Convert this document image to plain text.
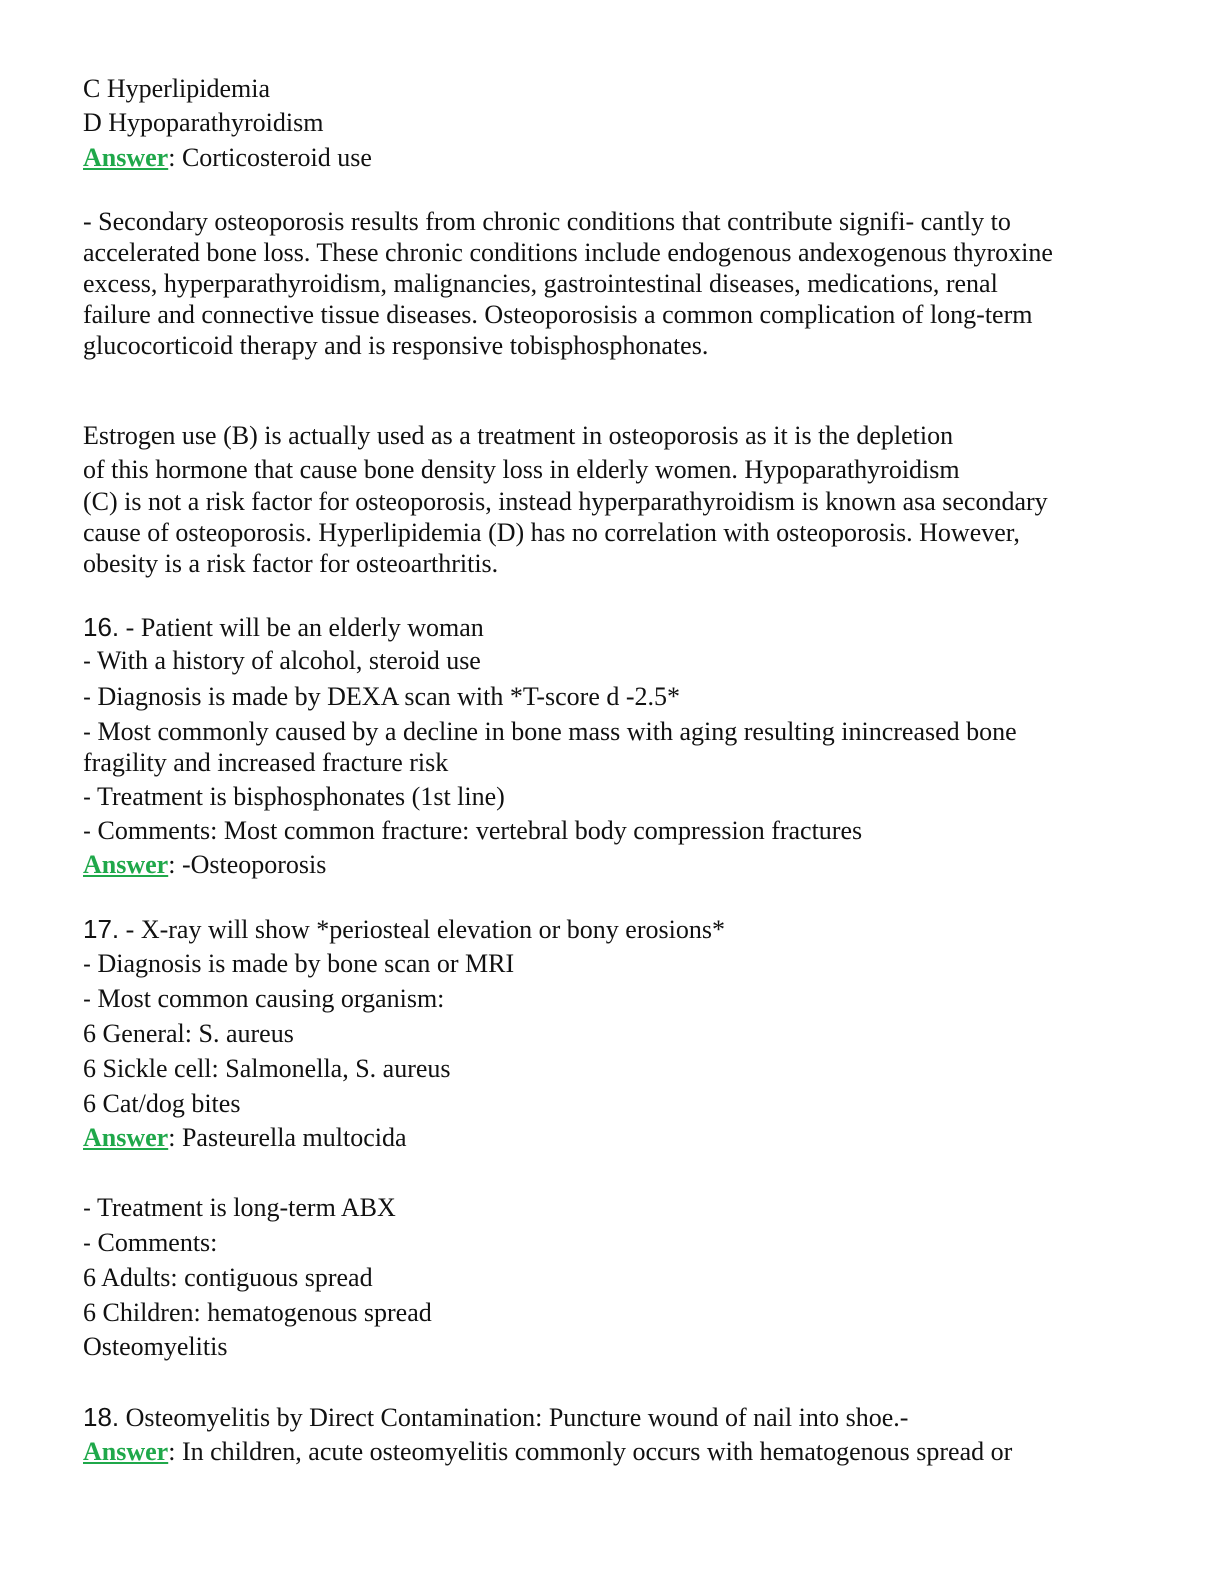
C Hyperlipidemia
D Hypoparathyroidism
Answer: Corticosteroid use
- Secondary osteoporosis results from chronic conditions that contribute signifi- cantly to
accelerated bone loss. These chronic conditions include endogenous andexogenous thyroxine
excess, hyperparathyroidism, malignancies, gastrointestinal diseases, medications, renal
failure and connective tissue diseases. Osteoporosisis a common complication of long-term
glucocorticoid therapy and is responsive tobisphosphonates.
Estrogen use (B) is actually used as a treatment in osteoporosis as it is the depletion
of this hormone that cause bone density loss in elderly women. Hypoparathyroidism
(C) is not a risk factor for osteoporosis, instead hyperparathyroidism is known asa secondary
cause of osteoporosis. Hyperlipidemia (D) has no correlation with osteoporosis. However,
obesity is a risk factor for osteoarthritis.
16. - Patient will be an elderly woman
- With a history of alcohol, steroid use
- Diagnosis is made by DEXA scan with *T-score d -2.5*
- Most commonly caused by a decline in bone mass with aging resulting inincreased bone
fragility and increased fracture risk
- Treatment is bisphosphonates (1st line)
- Comments: Most common fracture: vertebral body compression fractures
Answer: -Osteoporosis
17. - X-ray will show *periosteal elevation or bony erosions*
- Diagnosis is made by bone scan or MRI
- Most common causing organism:
6 General: S. aureus
6 Sickle cell: Salmonella, S. aureus
6 Cat/dog bites
Answer: Pasteurella multocida
- Treatment is long-term ABX
- Comments:
6 Adults: contiguous spread
6 Children: hematogenous spread
Osteomyelitis
18. Osteomyelitis by Direct Contamination: Puncture wound of nail into shoe.-
Answer: In children, acute osteomyelitis commonly occurs with hematogenous spread or
